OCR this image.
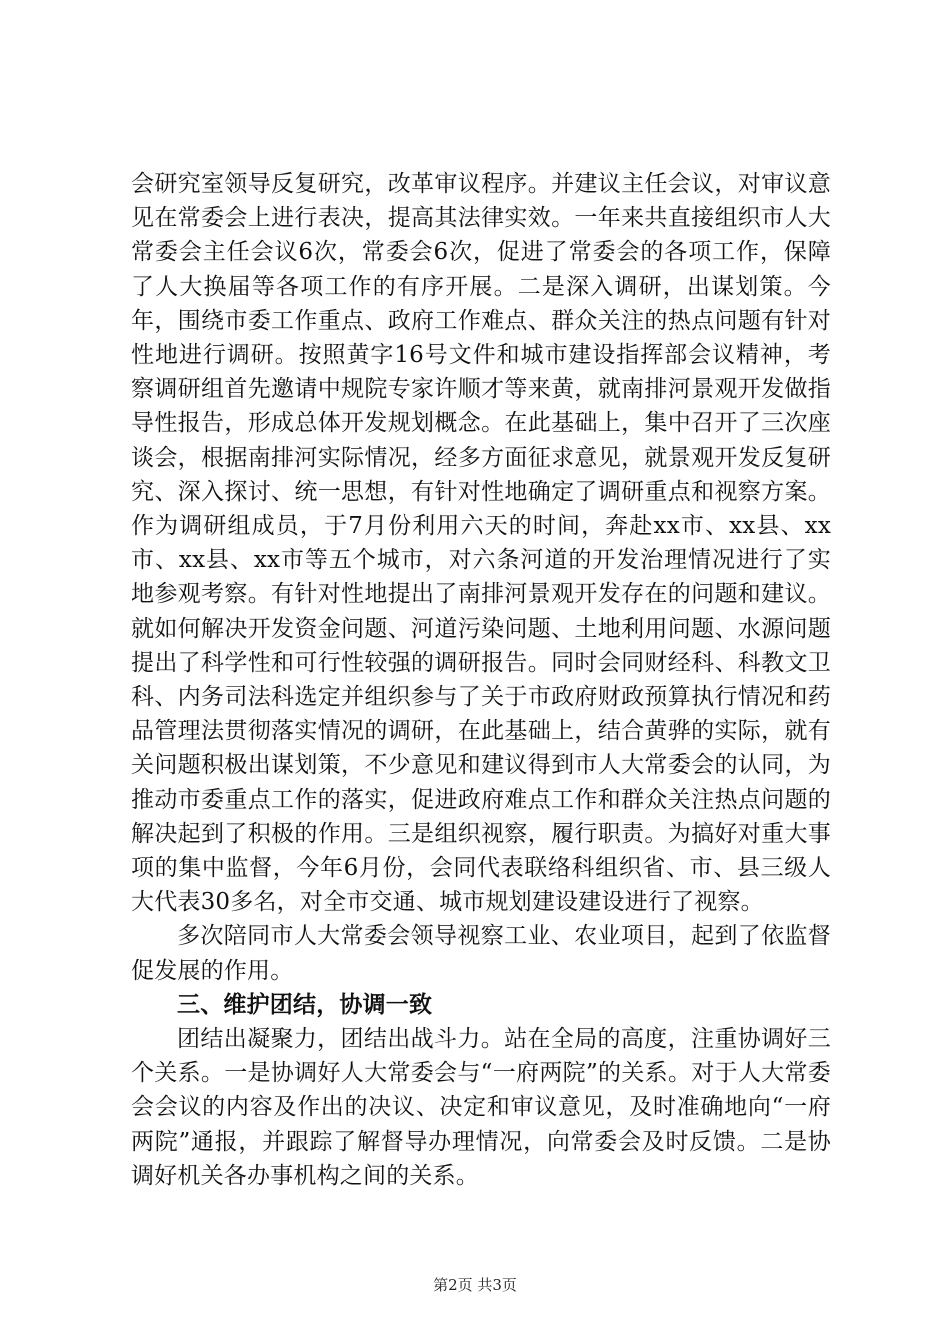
会研究室领导反复研究，改革审议程序。并建议主任会议，对审议意见在常委会上进行表决，提高其法律实效。一年来共直接组织市人大常委会主任会议6次，常委会6次，促进了常委会的各项工作，保障了人大换届等各项工作的有序开展。二是深入调研，出谋划策。今年，围绕市委工作重点、政府工作难点、群众关注的热点问题有针对性地进行调研。按照黄字16号文件和城市建设指挥部会议精神，考察调研组首先邀请中规院专家许顺才等来黄，就南排河景观开发做指导性报告，形成总体开发规划概念。在此基础上，集中召开了三次座谈会，根据南排河实际情况，经多方面征求意见，就景观开发反复研究、深入探讨、统一思想，有针对性地确定了调研重点和视察方案。作为调研组成员，于7月份利用六天的时间，奔赴xx市、xx县、xx市、xx县、xx市等五个城市，对六条河道的开发治理情况进行了实地参观考察。有针对性地提出了南排河景观开发存在的问题和建议。就如何解决开发资金问题、河道污染问题、土地利用问题、水源问题提出了科学性和可行性较强的调研报告。同时会同财经科、科教文卫科、内务司法科选定并组织参与了关于市政府财政预算执行情况和药品管理法贯彻落实情况的调研，在此基础上，结合黄骅的实际，就有关问题积极出谋划策，不少意见和建议得到市人大常委会的认同，为推动市委重点工作的落实，促进政府难点工作和群众关注热点问题的解决起到了积极的作用。三是组织视察，履行职责。为搞好对重大事项的集中监督，今年6月份，会同代表联络科组织省、市、县三级人大代表30多名，对全市交通、城市规划建设建设进行了视察。

多次陪同市人大常委会领导视察工业、农业项目，起到了依监督促发展的作用。

三、维护团结，协调一致

团结出凝聚力，团结出战斗力。站在全局的高度，注重协调好三个关系。一是协调好人大常委会与“一府两院”的关系。对于人大常委会会议的内容及作出的决议、决定和审议意见，及时准确地向“一府两院”通报，并跟踪了解督导办理情况，向常委会及时反馈。二是协调好机关各办事机构之间的关系。

第2页 共3页
